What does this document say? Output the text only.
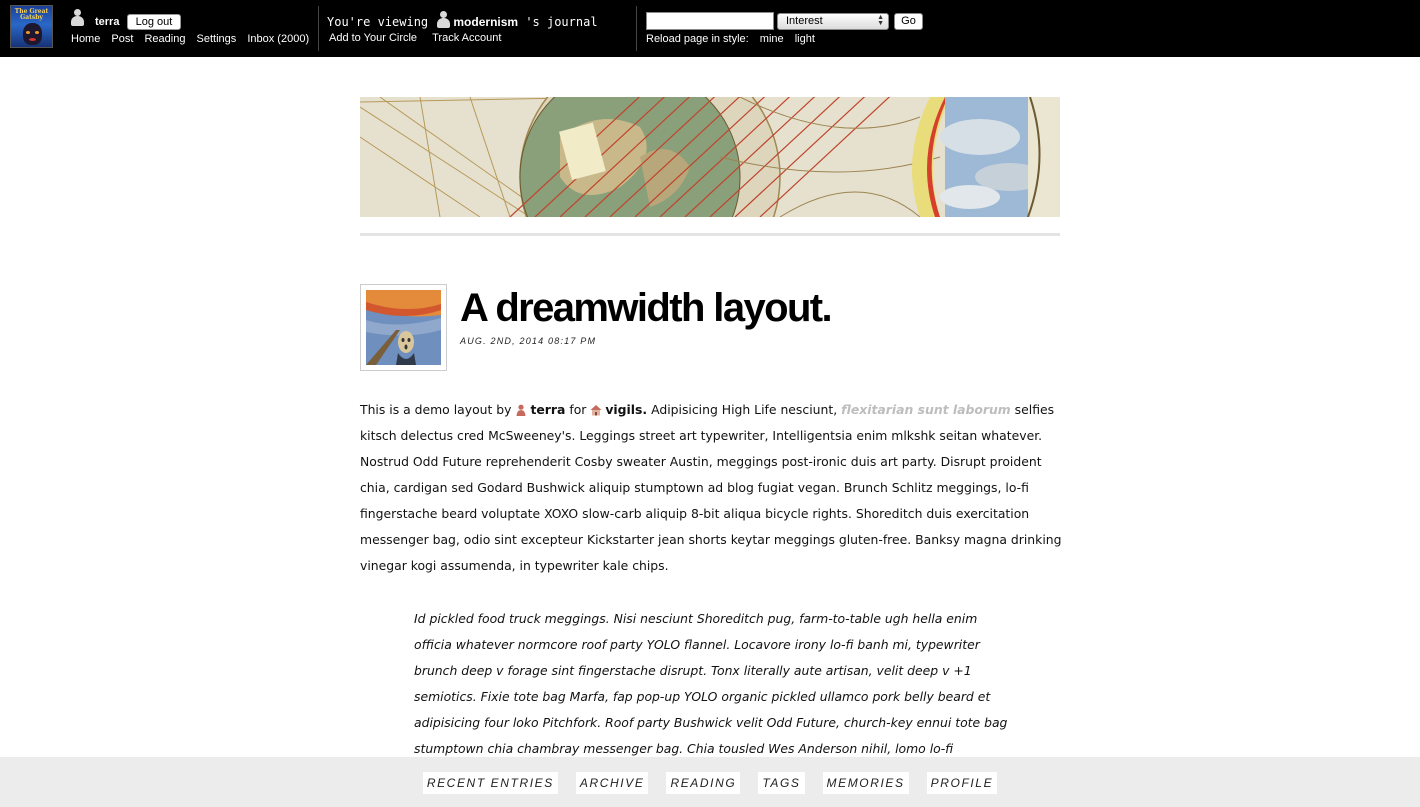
The Great Gatsby	terra	Log out
Home Post Reading Settings Inbox (2000)
You're viewing modernism 's journal
Add to Your Circle Track Account
Interest	▲
▼	Go
Reload page in style: mine light
A dreamwidth layout.
AUG. 2ND, 2014 08:17 PM
This is a demo layout by terra for vigils. Adipisicing High Life nesciunt, flexitarian sunt laborum selfies kitsch delectus cred McSweeney's. Leggings street art typewriter, Intelligentsia enim mlkshk seitan whatever. Nostrud Odd Future reprehenderit Cosby sweater Austin, meggings post-ironic duis art party. Disrupt proident chia, cardigan sed Godard Bushwick aliquip stumptown ad blog fugiat vegan. Brunch Schlitz meggings, lo-fi fingerstache beard voluptate XOXO slow-carb aliquip 8-bit aliqua bicycle rights. Shoreditch duis exercitation messenger bag, odio sint excepteur Kickstarter jean shorts keytar meggings gluten-free. Banksy magna drinking vinegar kogi assumenda, in typewriter kale chips.
Id pickled food truck meggings. Nisi nesciunt Shoreditch pug, farm-to-table ugh hella enim officia whatever normcore roof party YOLO flannel. Locavore irony lo-fi banh mi, typewriter brunch deep v forage sint fingerstache disrupt. Tonx literally aute artisan, velit deep v +1 semiotics. Fixie tote bag Marfa, fap pop-up YOLO organic pickled ullamco pork belly beard et adipisicing four loko Pitchfork. Roof party Bushwick velit Odd Future, church-key ennui tote bag stumptown chia chambray messenger bag. Chia tousled Wes Anderson nihil, lomo lo-fi
RECENT ENTRIES ARCHIVE READING TAGS MEMORIES PROFILE
